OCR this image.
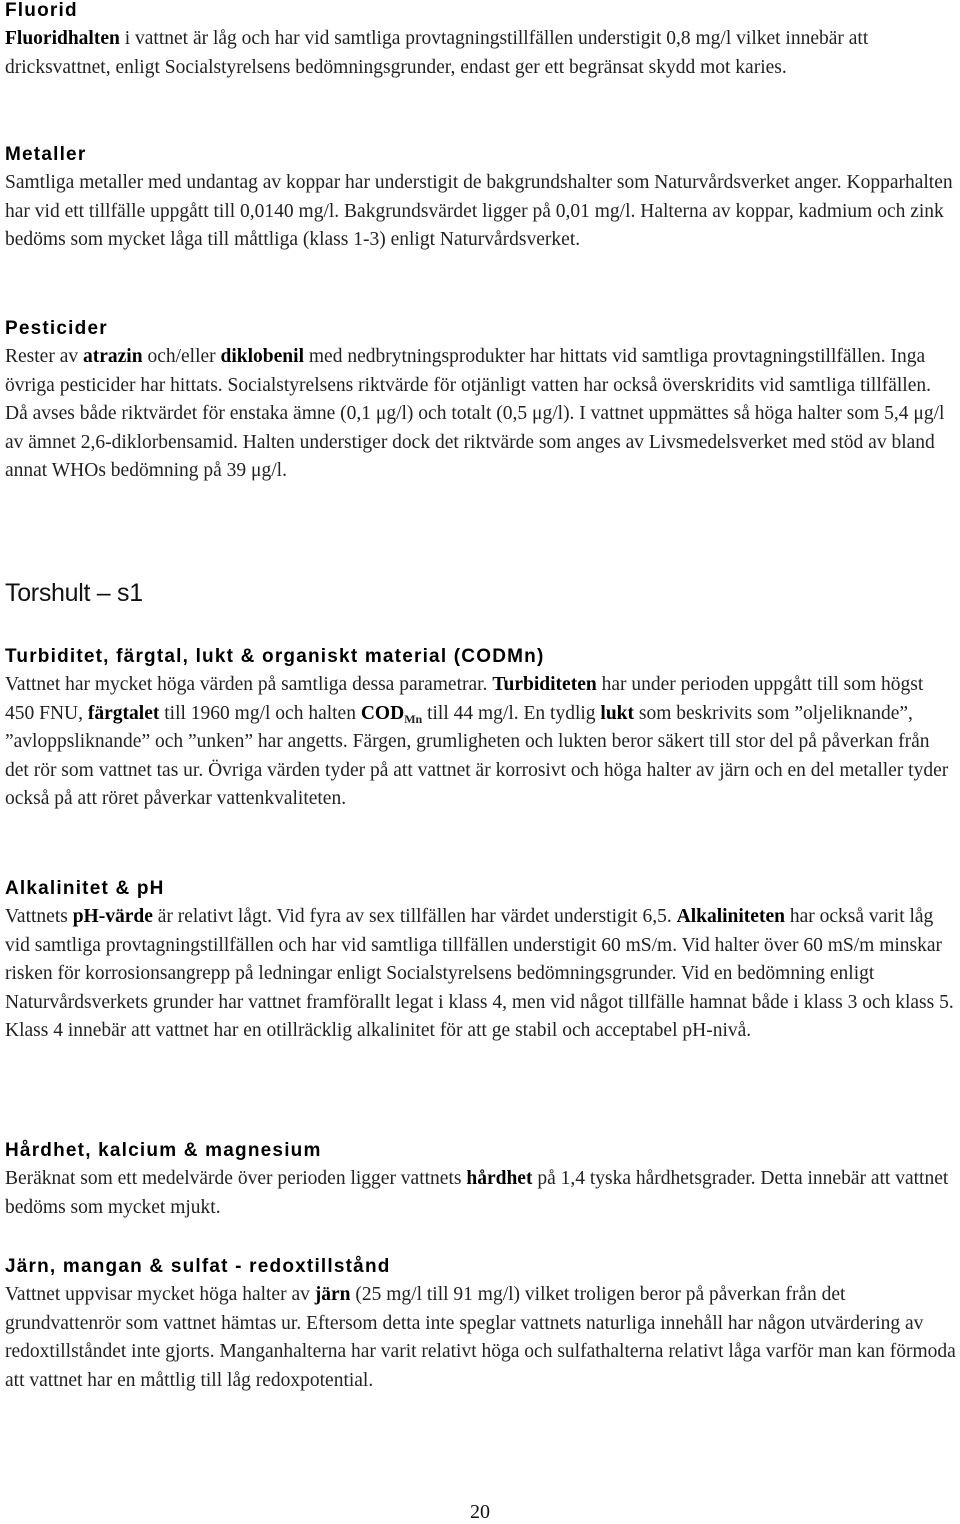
Fluorid

Fluoridhalten i vattnet är låg och har vid samtliga provtagningstillfällen understigit 0,8 mg/l vilket innebär att dricksvattnet, enligt Socialstyrelsens bedömningsgrunder, endast ger ett begränsat skydd mot karies.

Metaller

Samtliga metaller med undantag av koppar har understigit de bakgrundshalter som Naturvårdsverket anger. Kopparhalten har vid ett tillfälle uppgått till 0,0140 mg/l. Bakgrundsvärdet ligger på 0,01 mg/l. Halterna av koppar, kadmium och zink bedöms som mycket låga till måttliga (klass 1-3) enligt Naturvårdsverket.

Pesticider

Rester av atrazin och/eller diklobenil med nedbrytningsprodukter har hittats vid samtliga provtagningstillfällen. Inga övriga pesticider har hittats. Socialstyrelsens riktvärde för otjänligt vatten har också överskridits vid samtliga tillfällen. Då avses både riktvärdet för enstaka ämne (0,1 μg/l) och totalt (0,5 μg/l). I vattnet uppmättes så höga halter som 5,4 μg/l av ämnet 2,6-diklorbensamid. Halten understiger dock det riktvärde som anges av Livsmedelsverket med stöd av bland annat WHOs bedömning på 39 μg/l.

Torshult – s1

Turbiditet, färgtal, lukt & organiskt material (CODMn)

Vattnet har mycket höga värden på samtliga dessa parametrar. Turbiditeten har under perioden uppgått till som högst 450 FNU, färgtalet till 1960 mg/l och halten $COD_{Mn}$ till 44 mg/l. En tydlig lukt som beskrivits som ”oljeliknande”, ”avloppsliknande” och ”unken” har angetts. Färgen, grumligheten och lukten beror säkert till stor del på påverkan från det rör som vattnet tas ur. Övriga värden tyder på att vattnet är korrosivt och höga halter av järn och en del metaller tyder också på att röret påverkar vattenkvaliteten.

Alkalinitet & pH

Vattnets pH-värde är relativt lågt. Vid fyra av sex tillfällen har värdet understigit 6,5. Alkaliniteten har också varit låg vid samtliga provtagningstillfällen och har vid samtliga tillfällen understigit 60 mS/m. Vid halter över 60 mS/m minskar risken för korrosionsangrepp på ledningar enligt Socialstyrelsens bedömningsgrunder. Vid en bedömning enligt Naturvårdsverkets grunder har vattnet framförallt legat i klass 4, men vid något tillfälle hamnat både i klass 3 och klass 5. Klass 4 innebär att vattnet har en otillräcklig alkalinitet för att ge stabil och acceptabel pH-nivå.

Hårdhet, kalcium & magnesium

Beräknat som ett medelvärde över perioden ligger vattnets hårdhet på 1,4 tyska hårdhetsgrader. Detta innebär att vattnet bedöms som mycket mjukt.

Järn, mangan & sulfat - redoxtillstånd

Vattnet uppvisar mycket höga halter av järn (25 mg/l till 91 mg/l) vilket troligen beror på påverkan från det grundvattenrör som vattnet hämtas ur. Eftersom detta inte speglar vattnets naturliga innehåll har någon utvärdering av redoxtillståndet inte gjorts. Manganhalterna har varit relativt höga och sulfathalterna relativt låga varför man kan förmoda att vattnet har en måttlig till låg redoxpotential.

20
